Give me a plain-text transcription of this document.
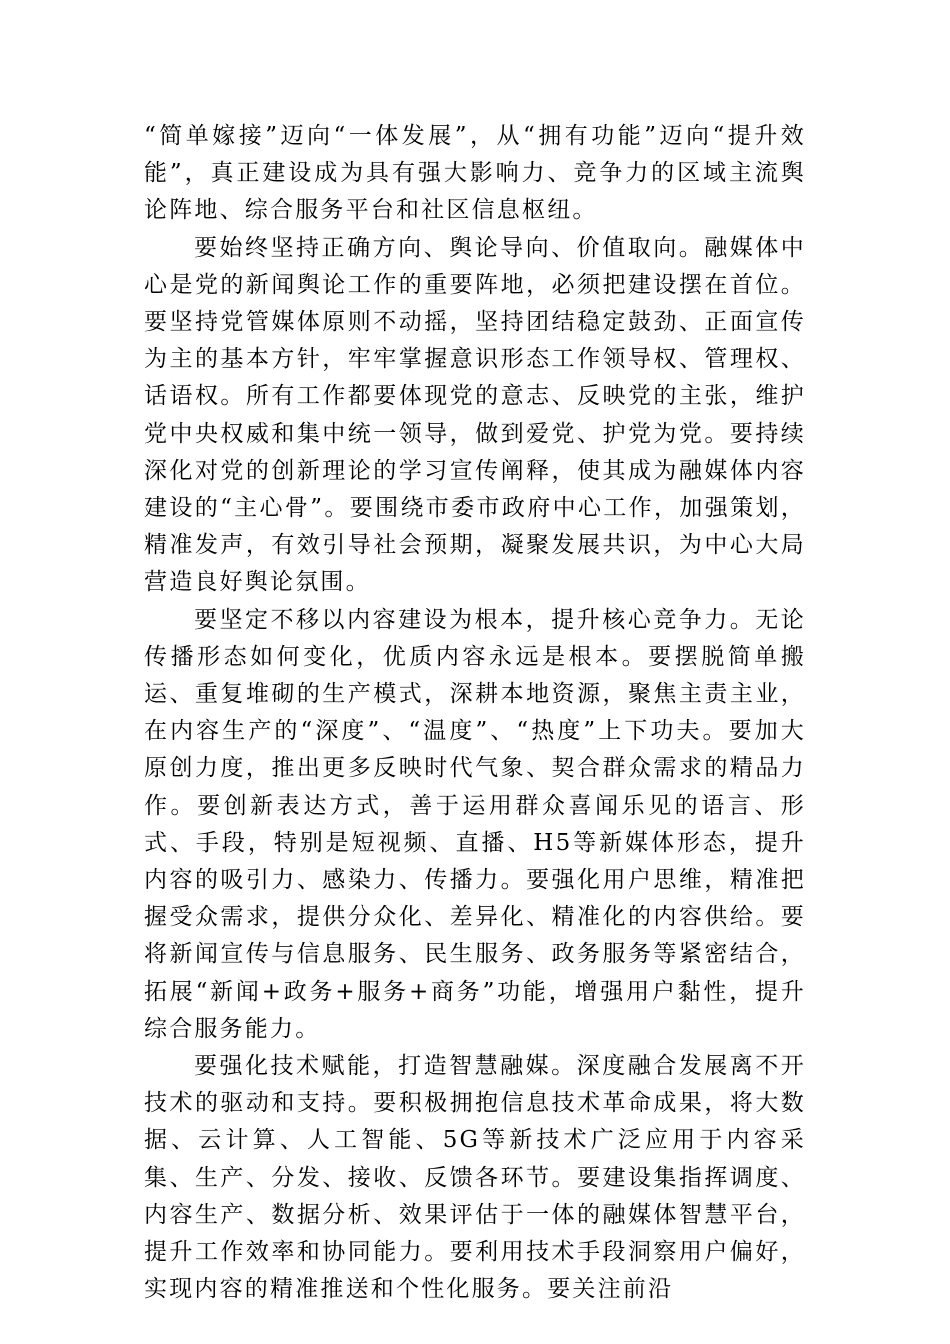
“简单嫁接”迈向“一体发展”，从“拥有功能”迈向“提升效能”，真正建设成为具有强大影响力、竞争力的区域主流舆论阵地、综合服务平台和社区信息枢纽。

要始终坚持正确方向、舆论导向、价值取向。融媒体中心是党的新闻舆论工作的重要阵地，必须把建设摆在首位。要坚持党管媒体原则不动摇，坚持团结稳定鼓劲、正面宣传为主的基本方针，牢牢掌握意识形态工作领导权、管理权、话语权。所有工作都要体现党的意志、反映党的主张，维护党中央权威和集中统一领导，做到爱党、护党为党。要持续深化对党的创新理论的学习宣传阐释，使其成为融媒体内容建设的“主心骨”。要围绕市委市政府中心工作，加强策划，精准发声，有效引导社会预期，凝聚发展共识，为中心大局营造良好舆论氛围。

要坚定不移以内容建设为根本，提升核心竞争力。无论传播形态如何变化，优质内容永远是根本。要摆脱简单搬运、重复堆砌的生产模式，深耕本地资源，聚焦主责主业，在内容生产的“深度”、“温度”、“热度”上下功夫。要加大原创力度，推出更多反映时代气象、契合群众需求的精品力作。要创新表达方式，善于运用群众喜闻乐见的语言、形式、手段，特别是短视频、直播、H5等新媒体形态，提升内容的吸引力、感染力、传播力。要强化用户思维，精准把握受众需求，提供分众化、差异化、精准化的内容供给。要将新闻宣传与信息服务、民生服务、政务服务等紧密结合，拓展“新闻+政务+服务+商务”功能，增强用户黏性，提升综合服务能力。

要强化技术赋能，打造智慧融媒。深度融合发展离不开技术的驱动和支持。要积极拥抱信息技术革命成果，将大数据、云计算、人工智能、5G等新技术广泛应用于内容采集、生产、分发、接收、反馈各环节。要建设集指挥调度、内容生产、数据分析、效果评估于一体的融媒体智慧平台，提升工作效率和协同能力。要利用技术手段洞察用户偏好，实现内容的精准推送和个性化服务。要关注前沿
